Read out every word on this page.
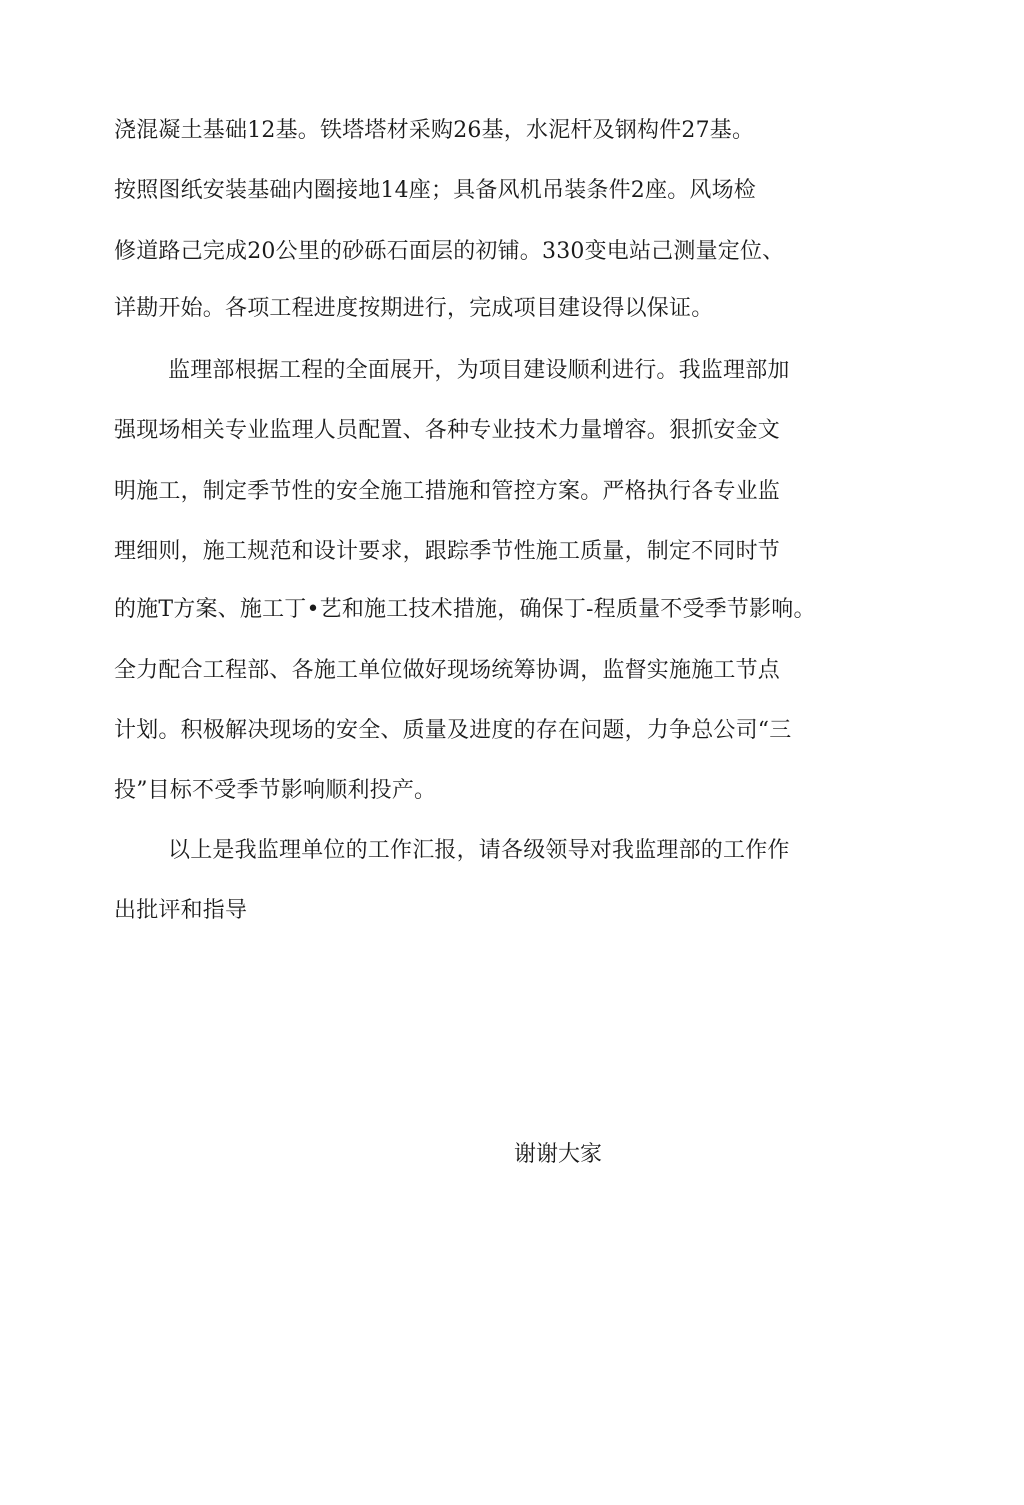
浇混凝土基础12基。铁塔塔材采购26基，水泥杆及钢构件27基。
按照图纸安装基础内圈接地14座；具备风机吊装条件2座。风场检
修道路己完成20公里的砂砾石面层的初铺。330变电站己测量定位、
详勘开始。各项工程进度按期进行，完成项目建设得以保证。
监理部根据工程的全面展开，为项目建设顺利进行。我监理部加
强现场相关专业监理人员配置、各种专业技术力量增容。狠抓安金文
明施工，制定季节性的安全施工措施和管控方案。严格执行各专业监
理细则，施工规范和设计要求，跟踪季节性施工质量，制定不同时节
的施T方案、施工丁•艺和施工技术措施，确保丁-程质量不受季节影响。
全力配合工程部、各施工单位做好现场统筹协调，监督实施施工节点
计划。积极解决现场的安全、质量及进度的存在问题，力争总公司“三
投”目标不受季节影响顺利投产。
以上是我监理单位的工作汇报，请各级领导对我监理部的工作作
出批评和指导
谢谢大家
